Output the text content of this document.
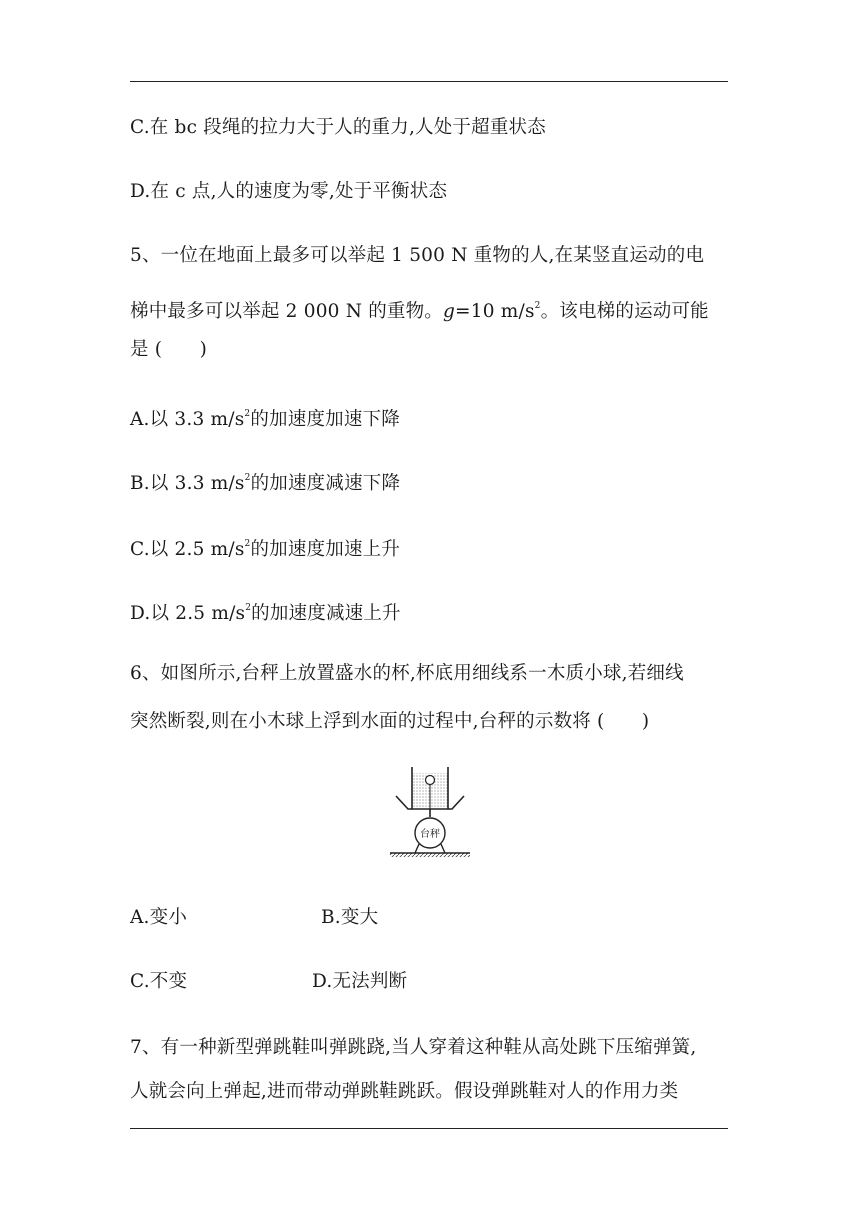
C.在 bc 段绳的拉力大于人的重力,人处于超重状态
D.在 c 点,人的速度为零,处于平衡状态
5、一位在地面上最多可以举起 1 500 N 重物的人,在某竖直运动的电
梯中最多可以举起 2 000 N 的重物。g=10 $m/s^2$。该电梯的运动可能
是 (　　)
A.以 3.3 $m/s^2$的加速度加速下降
B.以 3.3 $m/s^2$的加速度减速下降
C.以 2.5 $m/s^2$的加速度加速上升
D.以 2.5 $m/s^2$的加速度减速上升
6、如图所示,台秤上放置盛水的杯,杯底用细线系一木质小球,若细线
突然断裂,则在小木球上浮到水面的过程中,台秤的示数将 (　　)
台秤
A.变小	B.变大
C.不变	D.无法判断
7、有一种新型弹跳鞋叫弹跳跷,当人穿着这种鞋从高处跳下压缩弹簧,
人就会向上弹起,进而带动弹跳鞋跳跃。假设弹跳鞋对人的作用力类
